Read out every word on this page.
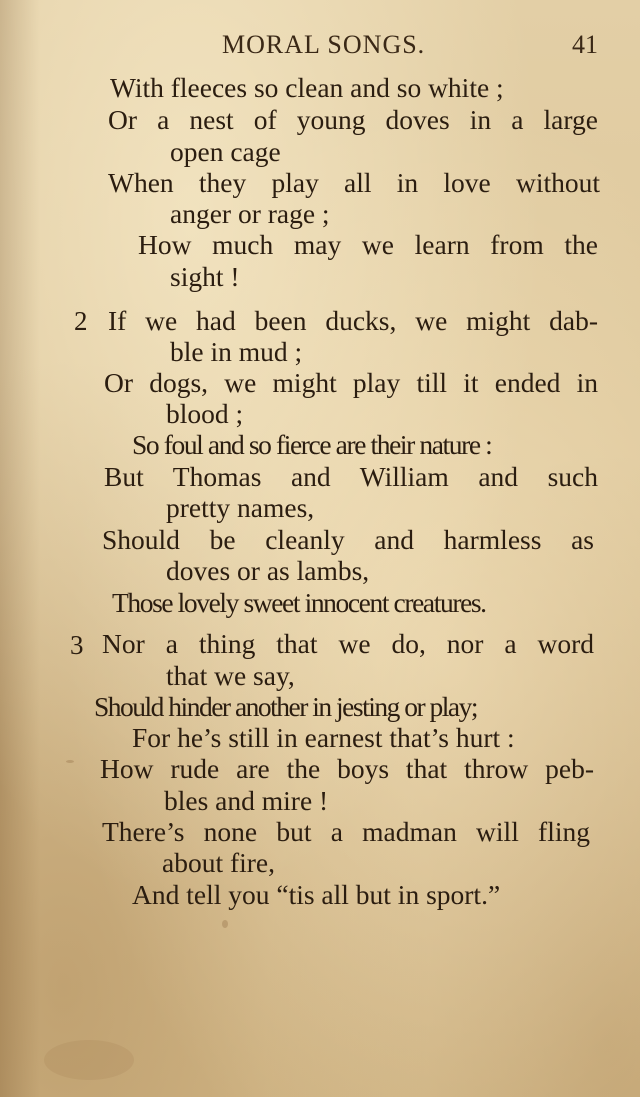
MORAL SONGS.	41
With fleeces so clean and so white ;
Or a nest of young doves in a large
open cage
When they play all in love without
anger or rage ;
How much may we learn from the
sight !
2 If we had been ducks, we might dab-
ble in mud ;
Or dogs, we might play till it ended in
blood ;
So foul and so fierce are their nature :
But Thomas and William and such
pretty names,
Should be cleanly and harmless as
doves or as lambs,
Those lovely sweet innocent creatures.
3 Nor a thing that we do, nor a word
that we say,
Should hinder another in jesting or play;
For he’s still in earnest that’s hurt :
How rude are the boys that throw peb-
bles and mire !
There’s none but a madman will fling
about fire,
And tell you “tis all but in sport.”
